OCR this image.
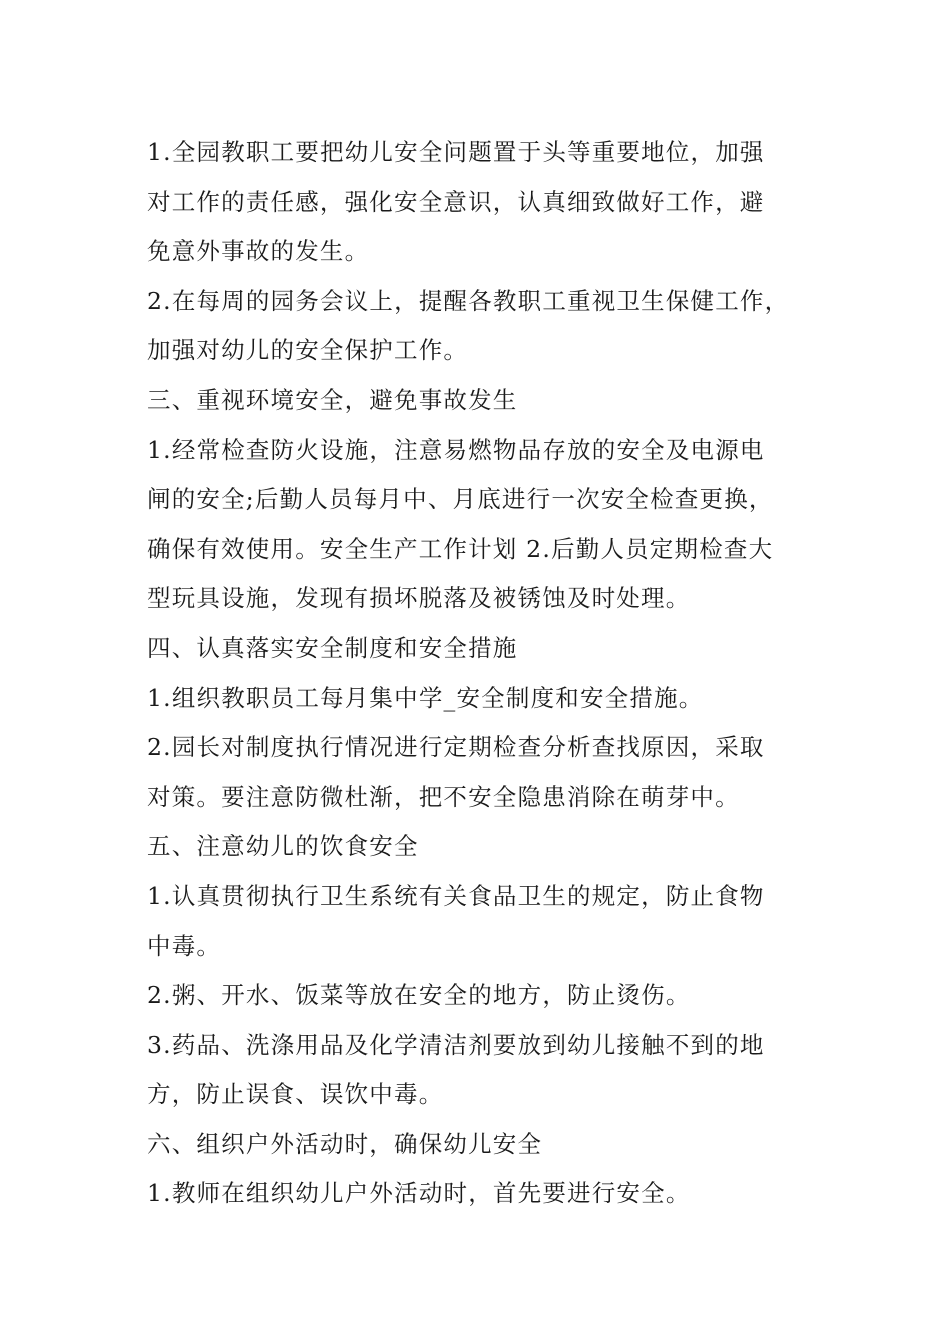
1.全园教职工要把幼儿安全问题置于头等重要地位，加强
对工作的责任感，强化安全意识，认真细致做好工作，避
免意外事故的发生。

2.在每周的园务会议上，提醒各教职工重视卫生保健工作，
加强对幼儿的安全保护工作。

三、重视环境安全，避免事故发生

1.经常检查防火设施，注意易燃物品存放的安全及电源电
闸的安全;后勤人员每月中、月底进行一次安全检查更换，
确保有效使用。安全生产工作计划 2.后勤人员定期检查大
型玩具设施，发现有损坏脱落及被锈蚀及时处理。

四、认真落实安全制度和安全措施

1.组织教职员工每月集中学_安全制度和安全措施。

2.园长对制度执行情况进行定期检查分析查找原因，采取
对策。要注意防微杜渐，把不安全隐患消除在萌芽中。

五、注意幼儿的饮食安全

1.认真贯彻执行卫生系统有关食品卫生的规定，防止食物
中毒。

2.粥、开水、饭菜等放在安全的地方，防止烫伤。

3.药品、洗涤用品及化学清洁剂要放到幼儿接触不到的地
方，防止误食、误饮中毒。

六、组织户外活动时，确保幼儿安全

1.教师在组织幼儿户外活动时，首先要进行安全。
